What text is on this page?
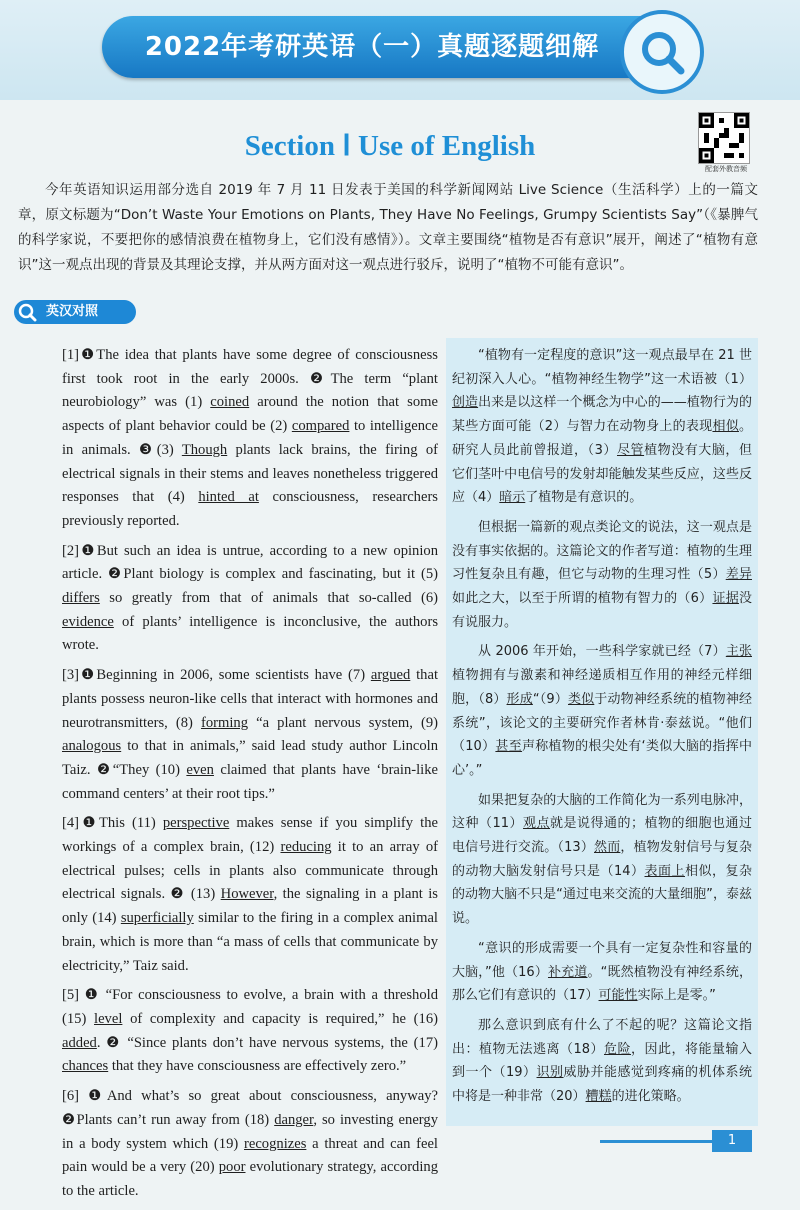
2022年考研英语（一）真题逐题细解
Section Ⅰ Use of English
配套外教音频
今年英语知识运用部分选自 2019 年 7 月 11 日发表于美国的科学新闻网站 Live Science（生活科学）上的一篇文章，原文标题为“Don’t Waste Your Emotions on Plants, They Have No Feelings, Grumpy Scientists Say”（《暴脾气的科学家说，不要把你的感情浪费在植物身上，它们没有感情》）。文章主要围绕“植物是否有意识”展开，阐述了“植物有意识”这一观点出现的背景及其理论支撑，并从两方面对这一观点进行驳斥，说明了“植物不可能有意识”。
英汉对照

[1]❶The idea that plants have some degree of consciousness first took root in the early 2000s. ❷The term “plant neurobiology” was (1) coined around the notion that some aspects of plant behavior could be (2) compared to intelligence in animals. ❸(3) Though plants lack brains, the firing of electrical signals in their stems and leaves nonetheless triggered responses that (4) hinted at consciousness, researchers previously reported.

[2]❶But such an idea is untrue, according to a new opinion article. ❷Plant biology is complex and fascinating, but it (5) differs so greatly from that of animals that so-called (6) evidence of plants’ intelligence is inconclusive, the authors wrote.

[3]❶Beginning in 2006, some scientists have (7) argued that plants possess neuron-like cells that interact with hormones and neurotransmitters, (8) forming “a plant nervous system, (9) analogous to that in animals,” said lead study author Lincoln Taiz. ❷“They (10) even claimed that plants have ‘brain-like command centers’ at their root tips.”

[4]❶This (11) perspective makes sense if you simplify the workings of a complex brain, (12) reducing it to an array of electrical pulses; cells in plants also communicate through electrical signals. ❷ (13) However, the signaling in a plant is only (14) superficially similar to the firing in a complex animal brain, which is more than “a mass of cells that communicate by electricity,” Taiz said.

[5] ❶ “For consciousness to evolve, a brain with a threshold (15) level of complexity and capacity is required,” he (16) added. ❷ “Since plants don’t have nervous systems, the (17) chances that they have consciousness are effectively zero.”

[6] ❶And what’s so great about consciousness, anyway? ❷Plants can’t run away from (18) danger, so investing energy in a body system which (19) recognizes a threat and can feel pain would be a very (20) poor evolutionary strategy, according to the article.

“植物有一定程度的意识”这一观点最早在 21 世纪初深入人心。“植物神经生物学”这一术语被（1）创造出来是以这样一个概念为中心的——植物行为的某些方面可能（2）与智力在动物身上的表现相似。研究人员此前曾报道，（3）尽管植物没有大脑，但它们茎叶中电信号的发射却能触发某些反应，这些反应（4）暗示了植物是有意识的。

但根据一篇新的观点类论文的说法，这一观点是没有事实依据的。这篇论文的作者写道：植物的生理习性复杂且有趣，但它与动物的生理习性（5）差异如此之大，以至于所谓的植物有智力的（6）证据没有说服力。

从 2006 年开始，一些科学家就已经（7）主张植物拥有与激素和神经递质相互作用的神经元样细胞，（8）形成“（9）类似于动物神经系统的植物神经系统”，该论文的主要研究作者林肯·泰兹说。“他们（10）甚至声称植物的根尖处有‘类似大脑的指挥中心’。”

如果把复杂的大脑的工作简化为一系列电脉冲，这种（11）观点就是说得通的；植物的细胞也通过电信号进行交流。（13）然而，植物发射信号与复杂的动物大脑发射信号只是（14）表面上相似，复杂的动物大脑不只是“通过电来交流的大量细胞”，泰兹说。

“意识的形成需要一个具有一定复杂性和容量的大脑，”他（16）补充道。“既然植物没有神经系统，那么它们有意识的（17）可能性实际上是零。”

那么意识到底有什么了不起的呢？这篇论文指出：植物无法逃离（18）危险，因此，将能量输入到一个（19）识别威胁并能感觉到疼痛的机体系统中将是一种非常（20）糟糕的进化策略。

1
